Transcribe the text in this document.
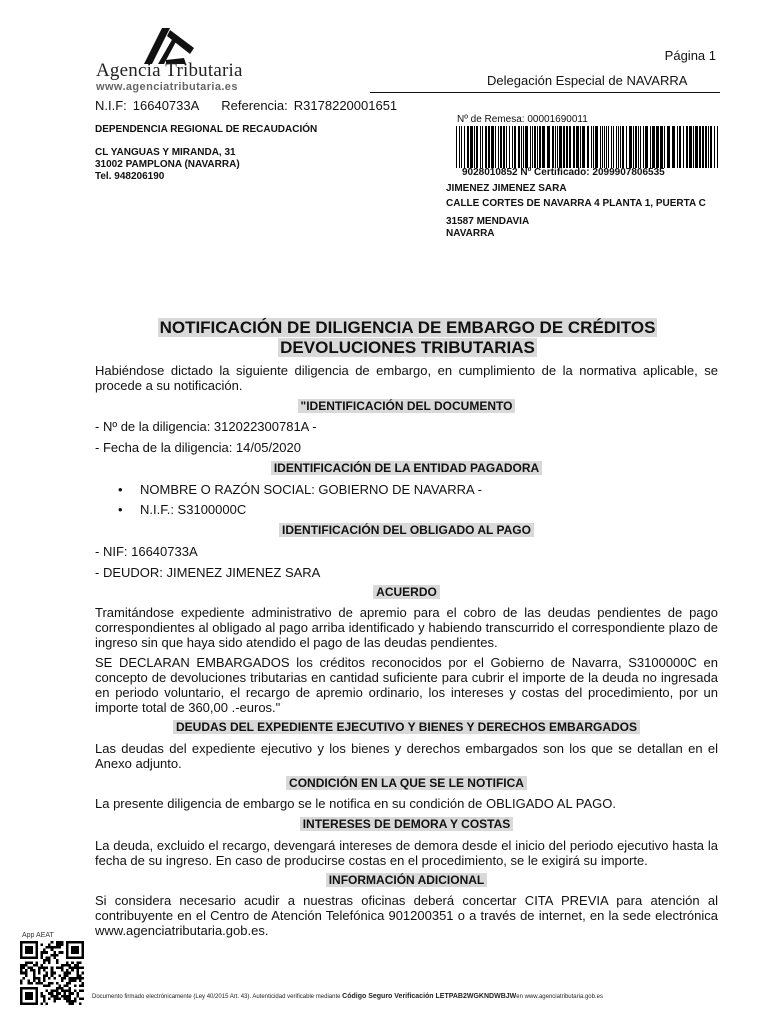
Agencia Tributaria
www.agenciatributaria.es
Página 1
Delegación Especial de NAVARRA
N.I.F: 16640733A Referencia: R3178220001651
DEPENDENCIA REGIONAL DE RECAUDACIÓN
CL YANGUAS Y MIRANDA, 31
31002 PAMPLONA (NAVARRA)
Tel. 948206190
Nº de Remesa: 00001690011
9028010852 Nº Certificado: 2099907806535
JIMENEZ JIMENEZ SARA
CALLE CORTES DE NAVARRA 4 PLANTA 1, PUERTA C
31587 MENDAVIA
NAVARRA
NOTIFICACIÓN DE DILIGENCIA DE EMBARGO DE CRÉDITOS
DEVOLUCIONES TRIBUTARIAS
Habiéndose dictado la siguiente diligencia de embargo, en cumplimiento de la normativa aplicable, se procede a su notificación.
"IDENTIFICACIÓN DEL DOCUMENTO
- Nº de la diligencia: 312022300781A -
- Fecha de la diligencia: 14/05/2020
IDENTIFICACIÓN DE LA ENTIDAD PAGADORA
• NOMBRE O RAZÓN SOCIAL: GOBIERNO DE NAVARRA -
• N.I.F.: S3100000C
IDENTIFICACIÓN DEL OBLIGADO AL PAGO
- NIF: 16640733A
- DEUDOR: JIMENEZ JIMENEZ SARA
ACUERDO
Tramitándose expediente administrativo de apremio para el cobro de las deudas pendientes de pago correspondientes al obligado al pago arriba identificado y habiendo transcurrido el correspondiente plazo de ingreso sin que haya sido atendido el pago de las deudas pendientes.
SE DECLARAN EMBARGADOS los créditos reconocidos por el Gobierno de Navarra, S3100000C en concepto de devoluciones tributarias en cantidad suficiente para cubrir el importe de la deuda no ingresada en periodo voluntario, el recargo de apremio ordinario, los intereses y costas del procedimiento, por un importe total de 360,00 .-euros."
DEUDAS DEL EXPEDIENTE EJECUTIVO Y BIENES Y DERECHOS EMBARGADOS
Las deudas del expediente ejecutivo y los bienes y derechos embargados son los que se detallan en el Anexo adjunto.
CONDICIÓN EN LA QUE SE LE NOTIFICA
La presente diligencia de embargo se le notifica en su condición de OBLIGADO AL PAGO.
INTERESES DE DEMORA Y COSTAS
La deuda, excluido el recargo, devengará intereses de demora desde el inicio del periodo ejecutivo hasta la fecha de su ingreso. En caso de producirse costas en el procedimiento, se le exigirá su importe.
INFORMACIÓN ADICIONAL
Si considera necesario acudir a nuestras oficinas deberá concertar CITA PREVIA para atención al contribuyente en el Centro de Atención Telefónica 901200351 o a través de internet, en la sede electrónica www.agenciatributaria.gob.es.
App AEAT
Documento firmado electrónicamente (Ley 40/2015 Art. 43). Autenticidad verificable mediante Código Seguro Verificación LETPAB2WGKNDWBJWen www.agenciatributaria.gob.es
